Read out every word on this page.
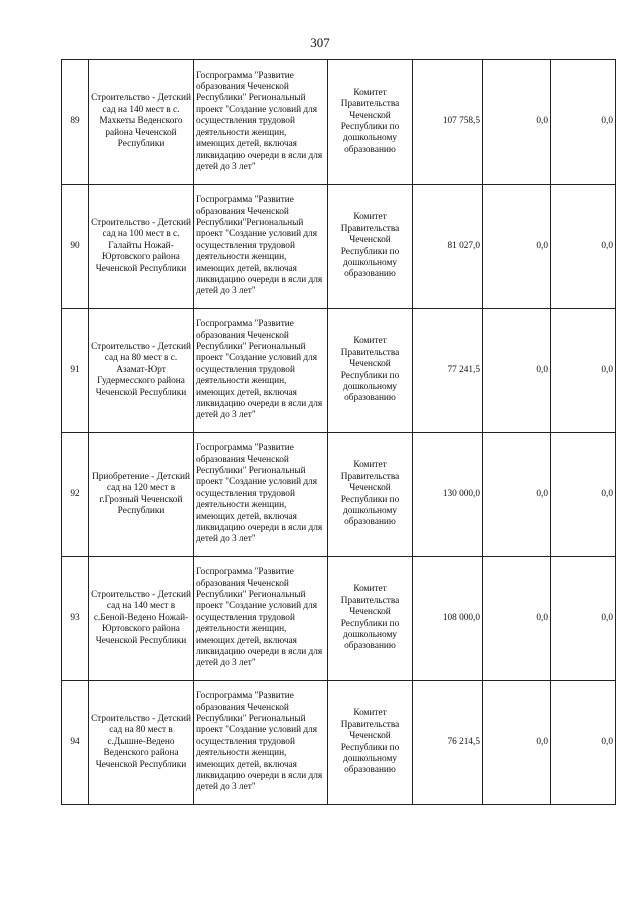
307
89	Строительство - Детский сад на 140 мест в с. Махкеты Веденского района Чеченской Республики	Госпрограмма "Развитие образования Чеченской Республики" Региональный проект "Создание условий для осуществления трудовой деятельности женщин, имеющих детей, включая ликвидацию очереди в ясли для детей до 3 лет"	Комитет Правительства Чеченской Республики по дошкольному образованию	107 758,5	0,0	0,0
90	Строительство - Детский сад на 100 мест в с. Галайты Ножай-Юртовского района Чеченской Республики	Госпрограмма "Развитие образования Чеченской Республики"Региональный проект "Создание условий для осуществления трудовой деятельности женщин, имеющих детей, включая ликвидацию очереди в ясли для детей до 3 лет"	Комитет Правительства Чеченской Республики по дошкольному образованию	81 027,0	0,0	0,0
91	Строительство - Детский сад на 80 мест в с. Азамат-Юрт Гудермесского района Чеченской Республики	Госпрограмма "Развитие образования Чеченской Республики" Региональный проект "Создание условий для осуществления трудовой деятельности женщин, имеющих детей, включая ликвидацию очереди в ясли для детей до 3 лет"	Комитет Правительства Чеченской Республики по дошкольному образованию	77 241,5	0,0	0,0
92	Приобретение - Детский сад на 120 мест в г.Грозный Чеченской Республики	Госпрограмма "Развитие образования Чеченской Республики" Региональный проект "Создание условий для осуществления трудовой деятельности женщин, имеющих детей, включая ликвидацию очереди в ясли для детей до 3 лет"	Комитет Правительства Чеченской Республики по дошкольному образованию	130 000,0	0,0	0,0
93	Строительство - Детский сад на 140 мест в с.Беной-Ведено Ножай-Юртовского района Чеченской Республики	Госпрограмма "Развитие образования Чеченской Республики" Региональный проект "Создание условий для осуществления трудовой деятельности женщин, имеющих детей, включая ликвидацию очереди в ясли для детей до 3 лет"	Комитет Правительства Чеченской Республики по дошкольному образованию	108 000,0	0,0	0,0
94	Строительство - Детский сад на 80 мест в с.Дышне-Ведено Веденского района Чеченской Республики	Госпрограмма "Развитие образования Чеченской Республики" Региональный проект "Создание условий для осуществления трудовой деятельности женщин, имеющих детей, включая ликвидацию очереди в ясли для детей до 3 лет"	Комитет Правительства Чеченской Республики по дошкольному образованию	76 214,5	0,0	0,0
